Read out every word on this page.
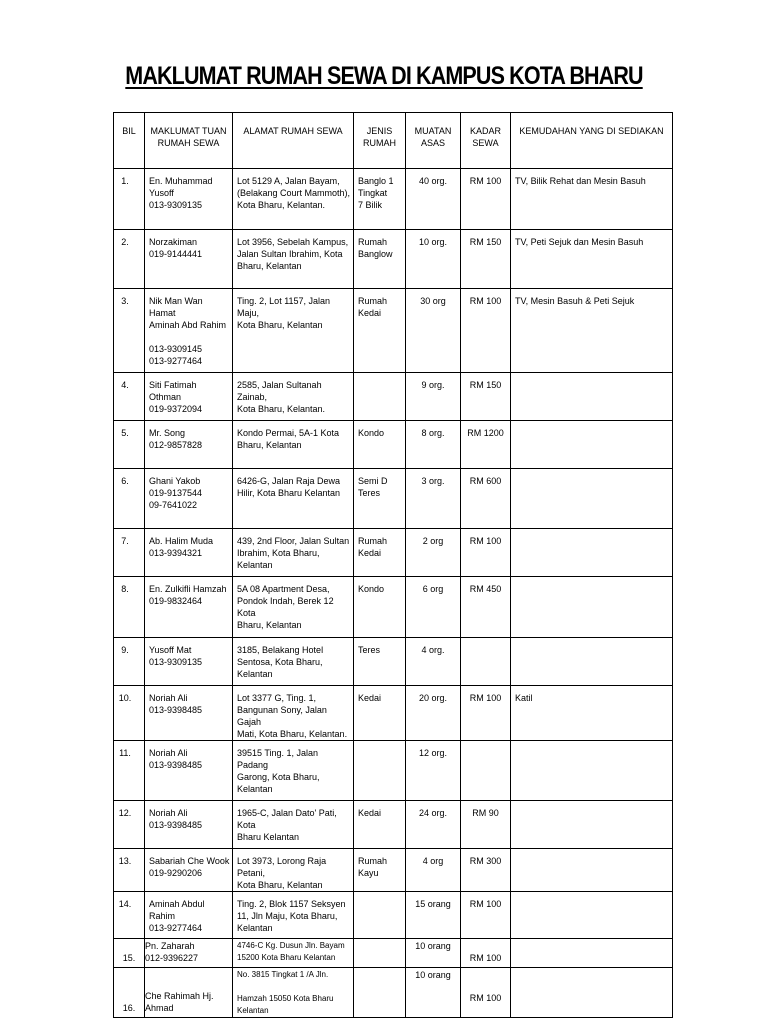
MAKLUMAT RUMAH SEWA DI KAMPUS KOTA BHARU
BIL	MAKLUMAT TUAN RUMAH SEWA	ALAMAT RUMAH SEWA	JENIS RUMAH	MUATAN ASAS	KADAR SEWA	KEMUDAHAN YANG DI SEDIAKAN

1.	En. Muhammad
Yusoff
013-9309135	Lot 5129 A, Jalan Bayam,
(Belakang Court Mammoth),
Kota Bharu, Kelantan.	Banglo 1
Tingkat
7 Bilik	40 org.	RM 100	TV, Bilik Rehat dan Mesin Basuh

2.	Norzakiman
019-9144441	Lot 3956, Sebelah Kampus,
Jalan Sultan Ibrahim, Kota
Bharu, Kelantan	Rumah
Banglow	10 org.	RM 150	TV, Peti Sejuk dan Mesin Basuh

3.	Nik Man Wan Hamat
Aminah Abd Rahim

013-9309145
013-9277464	Ting. 2, Lot 1157, Jalan Maju,
Kota Bharu, Kelantan	Rumah
Kedai	30 org	RM 100	TV, Mesin Basuh & Peti Sejuk

4.	Siti Fatimah Othman
019-9372094	2585, Jalan Sultanah Zainab,
Kota Bharu, Kelantan.		9 org.	RM 150	

5.	Mr. Song
012-9857828	Kondo Permai, 5A-1 Kota
Bharu, Kelantan	Kondo	8 org.	RM 1200	

6.	Ghani Yakob
019-9137544
09-7641022	6426-G, Jalan Raja Dewa
Hilir, Kota Bharu Kelantan	Semi D
Teres	3 org.	RM 600	

7.	Ab. Halim Muda
013-9394321	439, 2nd Floor, Jalan Sultan
Ibrahim, Kota Bharu, Kelantan	Rumah
Kedai	2 org	RM 100	

8.	En. Zulkifli Hamzah
019-9832464	5A 08 Apartment Desa,
Pondok Indah, Berek 12 Kota
Bharu, Kelantan	Kondo	6 org	RM 450	

9.	Yusoff Mat
013-9309135	3185, Belakang Hotel
Sentosa, Kota Bharu,
Kelantan	Teres	4 org.		

10.	Noriah Ali
013-9398485	Lot 3377 G, Ting. 1,
Bangunan Sony, Jalan Gajah
Mati, Kota Bharu, Kelantan.	Kedai	20 org.	RM 100	Katil

11.	Noriah Ali
013-9398485	39515 Ting. 1, Jalan Padang
Garong, Kota Bharu, Kelantan		12 org.		

12.	Noriah Ali
013-9398485	1965-C, Jalan Dato' Pati, Kota
Bharu Kelantan	Kedai	24 org.	RM 90	

13.	Sabariah Che Wook
019-9290206	Lot 3973, Lorong Raja Petani,
Kota Bharu, Kelantan	Rumah
Kayu	4 org	RM 300	

14.	Aminah Abdul Rahim
013-9277464	Ting. 2, Blok 1157 Seksyen
11, Jln Maju, Kota Bharu,
Kelantan		15 orang	RM 100	

15.	Pn. Zaharah
012-9396227	4746-C Kg. Dusun Jln. Bayam
15200 Kota Bharu Kelantan		10 orang	RM 100	

16.	Che Rahimah Hj.
Ahmad	No. 3815 Tingkat 1 /A Jln.

Hamzah 15050 Kota Bharu
Kelantan		10 orang	RM 100	
